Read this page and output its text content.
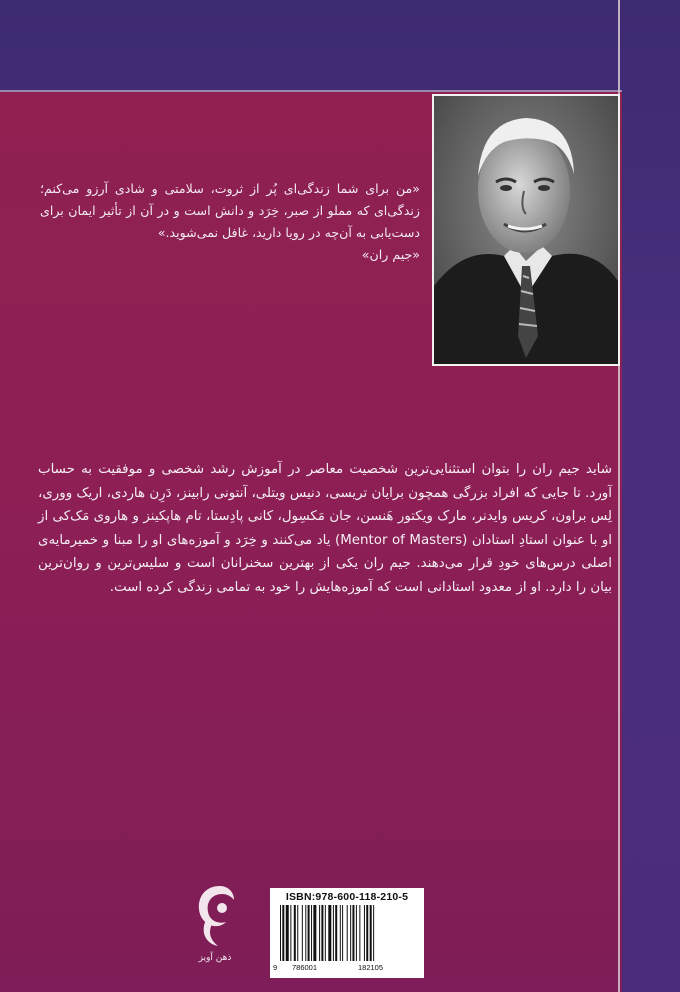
«من برای شما زندگی‌ای پُر از ثروت، سلامتی و شادی آرزو می‌کنم؛ زندگی‌ای که مملو از صبر، خِرَد و دانش است و در آن از تأثیر ایمان برای دست‌یابی به آن‌چه در رویا دارید، غافل نمی‌شوید.»

«جیم ران»

شاید جیم ران را بتوان استثنایی‌ترین شخصیت معاصر در آموزش رشد شخصی و موفقیت به حساب آورد. تا جایی که افراد بزرگی همچون برایان تریسی، دنیس ویتلی، آنتونی رابینز، دَرِن هاردی، اریک ووری، لِس براون، کریس وایدنر، مارک ویکتور هَنسن، جان مَکسِول، کانی پادِستا، تام هاپکینز و هاروی مَک‌کی از او با عنوان استادِ استادان (Mentor of Masters) یاد می‌کنند و خِرَد و آموزه‌های او را مبنا و خمیرمایه‌ی اصلی درس‌های خودِ قرار می‌دهند. جیم ران یکی از بهترین سخنرانان است و سلیس‌ترین و روان‌ترین بیان را دارد. او از معدود استادانی است که آموزه‌هایش را خود به تمامی زندگی کرده است.

ذهن آویز
ISBN:978-600-118-210-5
9 786001	182105
